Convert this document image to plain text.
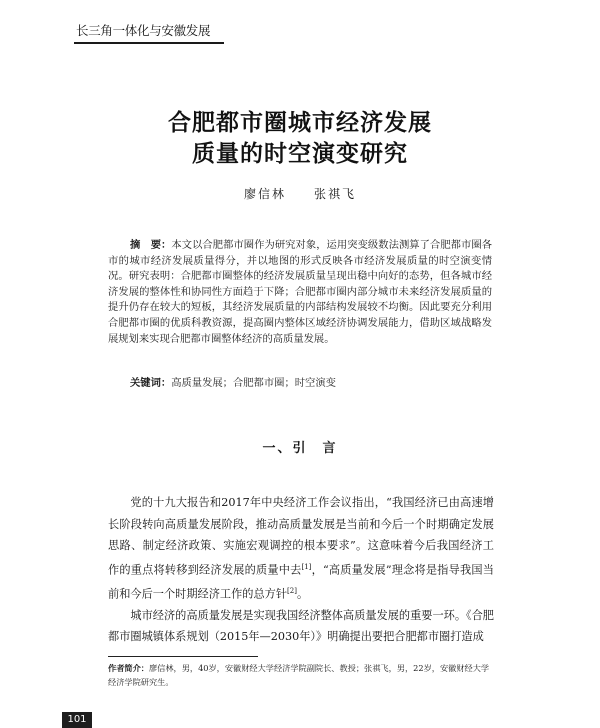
长三角一体化与安徽发展
合肥都市圈城市经济发展
质量的时空演变研究
廖信林 张祺飞
摘　要：本文以合肥都市圈作为研究对象，运用突变级数法测算了合肥都市圈各市的城市经济发展质量得分，并以地图的形式反映各市经济发展质量的时空演变情况。研究表明：合肥都市圈整体的经济发展质量呈现出稳中向好的态势，但各城市经济发展的整体性和协同性方面趋于下降；合肥都市圈内部分城市未来经济发展质量的提升仍存在较大的短板，其经济发展质量的内部结构发展较不均衡。因此要充分利用合肥都市圈的优质科教资源，提高圈内整体区域经济协调发展能力，借助区域战略发展规划来实现合肥都市圈整体经济的高质量发展。
关键词：高质量发展；合肥都市圈；时空演变
一、引　言

党的十九大报告和2017年中央经济工作会议指出，“我国经济已由高速增长阶段转向高质量发展阶段，推动高质量发展是当前和今后一个时期确定发展思路、制定经济政策、实施宏观调控的根本要求”。这意味着今后我国经济工作的重点将转移到经济发展的质量中去[1]，“高质量发展”理念将是指导我国当前和今后一个时期经济工作的总方针[2]。

城市经济的高质量发展是实现我国经济整体高质量发展的重要一环。《合肥都市圈城镇体系规划（2015年—2030年）》明确提出要把合肥都市圈打造成

作者简介：廖信林，男，40岁，安徽财经大学经济学院副院长、教授；张祺飞，男，22岁，安徽财经大学经济学院研究生。
101
